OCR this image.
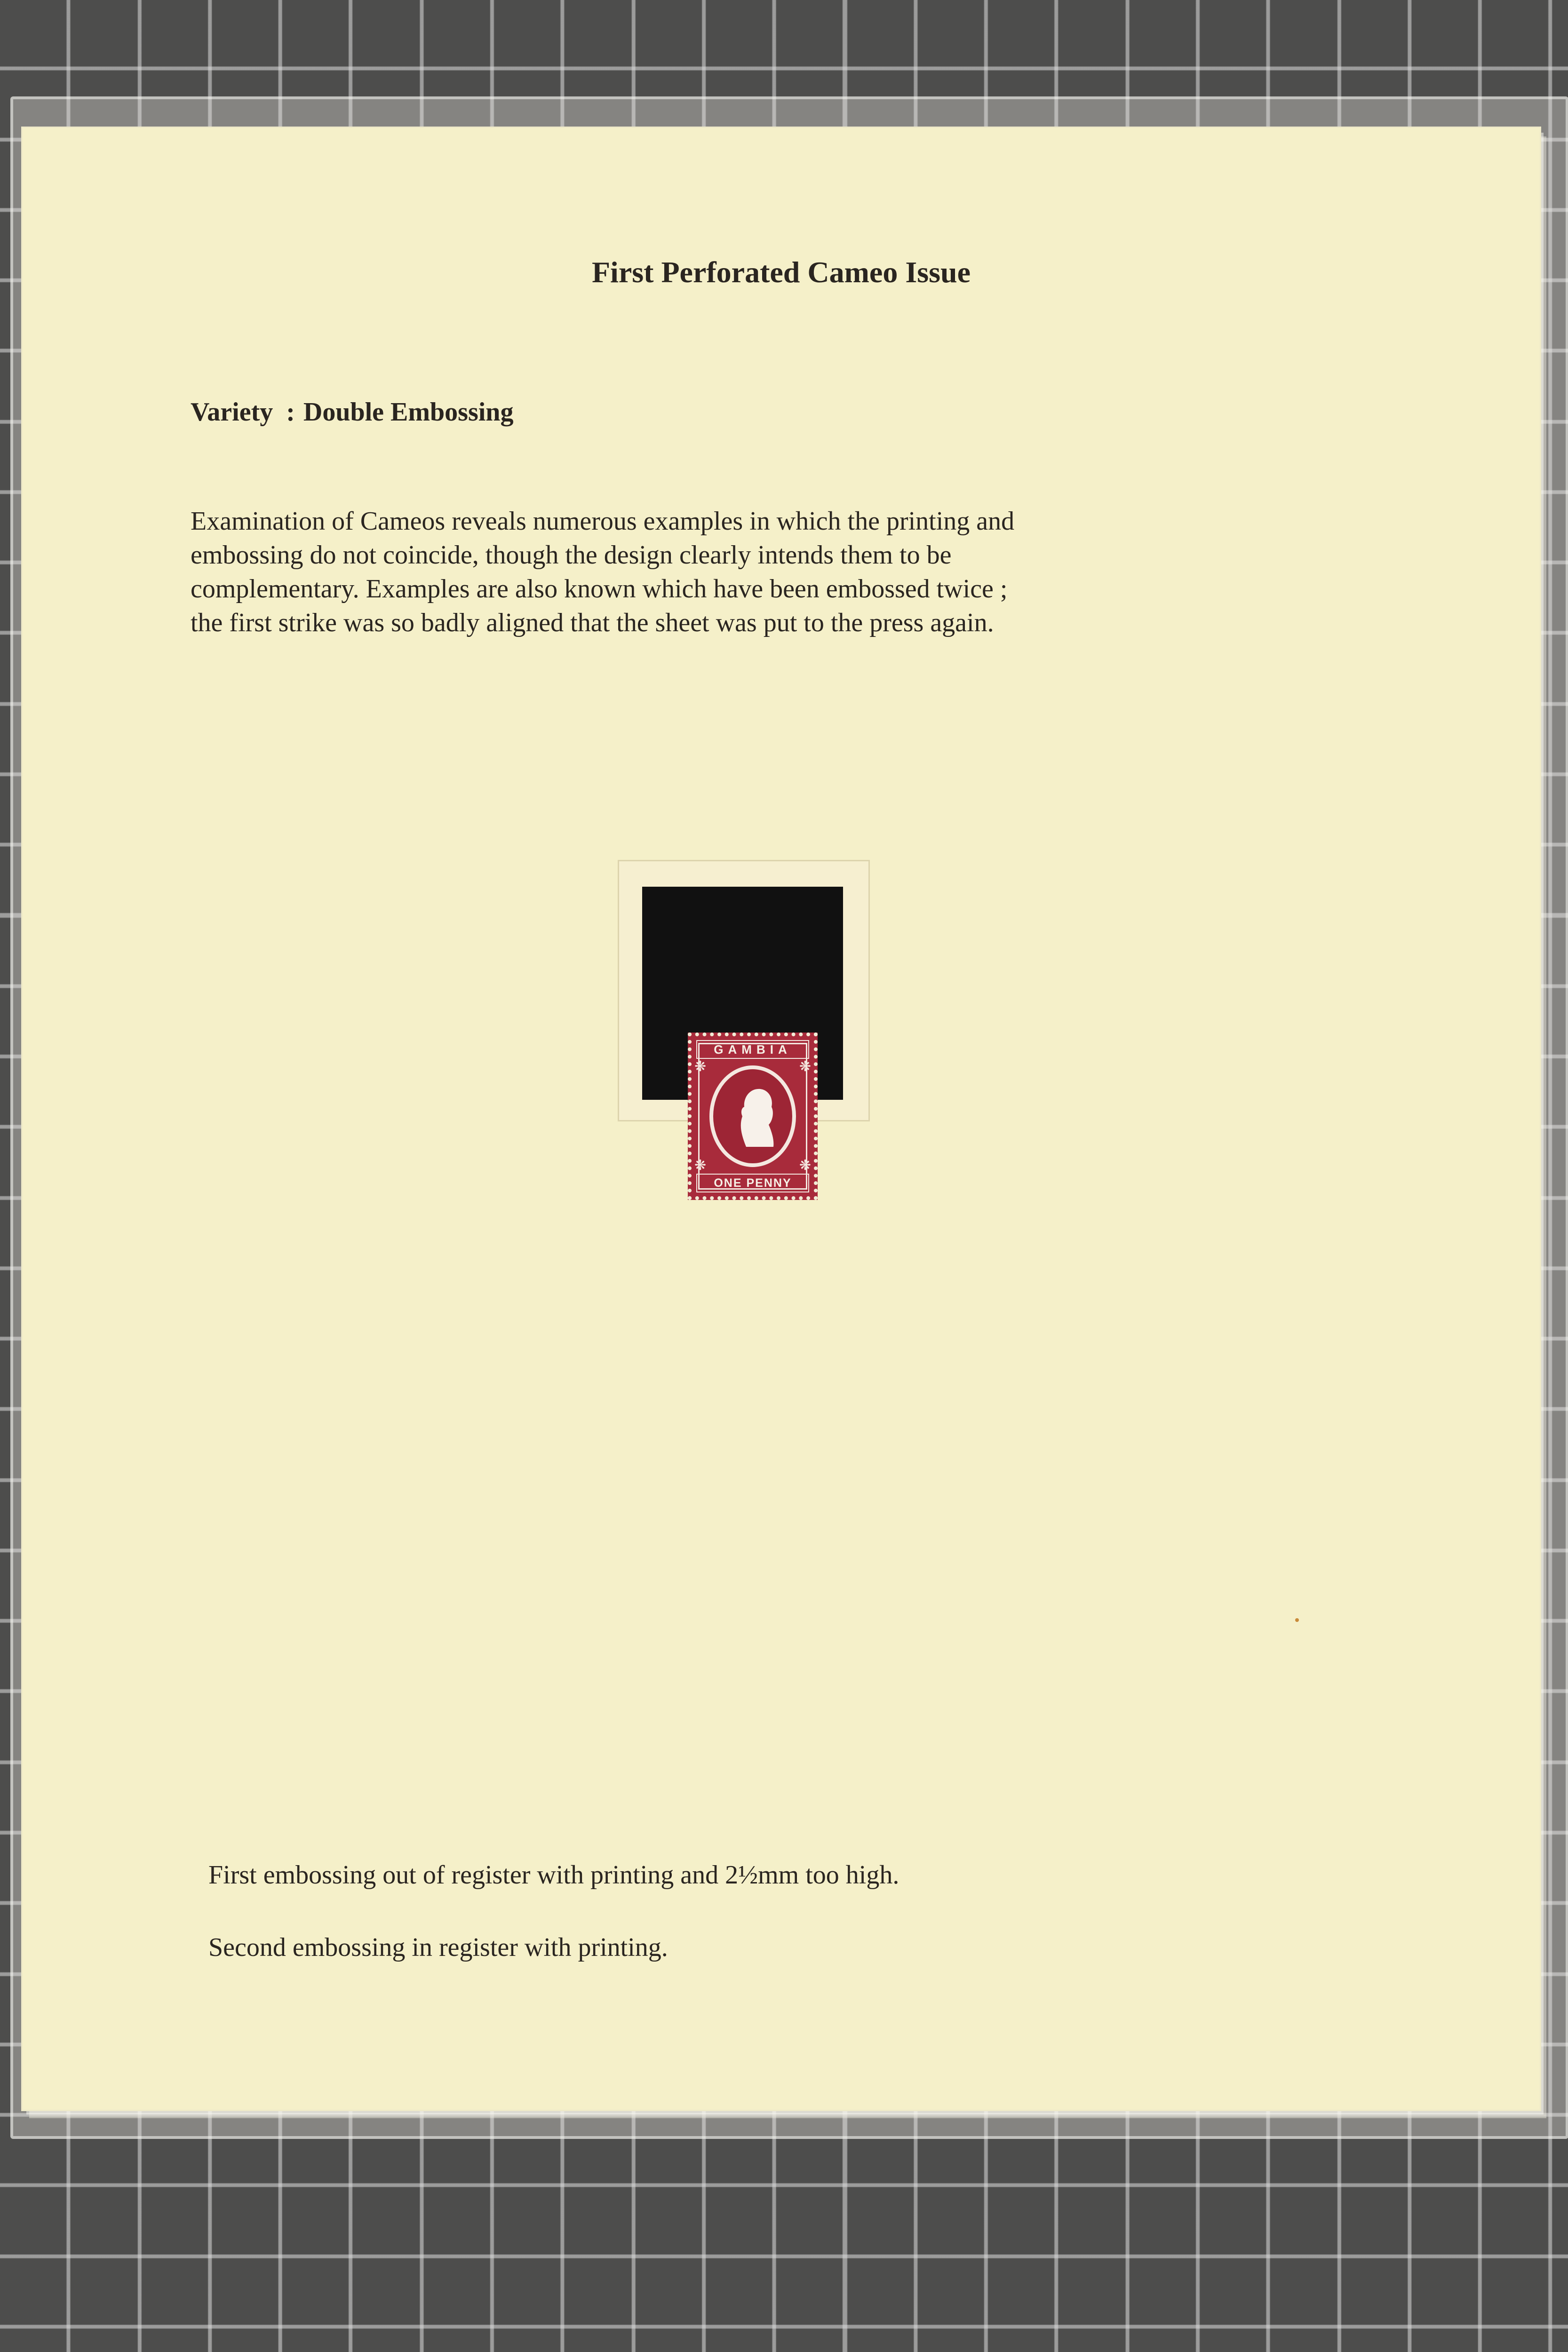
First Perforated Cameo Issue
Variety : Double Embossing

Examination of Cameos reveals numerous examples in which the printing and

embossing do not coincide, though the design clearly intends them to be

complementary. Examples are also known which have been embossed twice ;

the first strike was so badly aligned that the sheet was put to the press again.

First embossing out of register with printing and 2½mm too high.
Second embossing in register with printing.
GAMBIA
❋	❋
❋	❋
ONE PENNY
